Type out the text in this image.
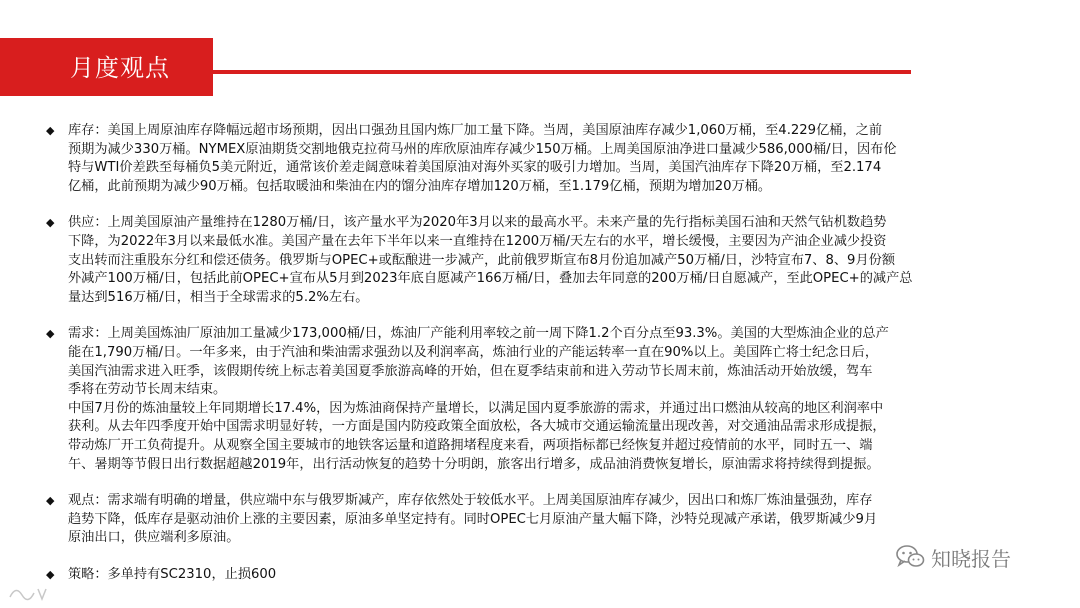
月度观点
◆ 库存：美国上周原油库存降幅远超市场预期，因出口强劲且国内炼厂加工量下降。当周，美国原油库存减少1,060万桶，至4.229亿桶，之前
预期为减少330万桶。NYMEX原油期货交割地俄克拉荷马州的库欣原油库存减少150万桶。上周美国原油净进口量减少586,000桶/日，因布伦
特与WTI价差跌至每桶负5美元附近，通常该价差走阔意味着美国原油对海外买家的吸引力增加。当周，美国汽油库存下降20万桶，至2.174
亿桶，此前预期为减少90万桶。包括取暖油和柴油在内的馏分油库存增加120万桶，至1.179亿桶，预期为增加20万桶。
◆ 供应：上周美国原油产量维持在1280万桶/日，该产量水平为2020年3月以来的最高水平。未来产量的先行指标美国石油和天然气钻机数趋势
下降，为2022年3月以来最低水准。美国产量在去年下半年以来一直维持在1200万桶/天左右的水平，增长缓慢，主要因为产油企业减少投资
支出转而注重股东分红和偿还债务。俄罗斯与OPEC+或酝酿进一步减产，此前俄罗斯宣布8月份追加减产50万桶/日，沙特宣布7、8、9月份额
外减产100万桶/日，包括此前OPEC+宣布从5月到2023年底自愿减产166万桶/日，叠加去年同意的200万桶/日自愿减产，至此OPEC+的减产总
量达到516万桶/日，相当于全球需求的5.2%左右。
◆ 需求：上周美国炼油厂原油加工量减少173,000桶/日，炼油厂产能利用率较之前一周下降1.2个百分点至93.3%。美国的大型炼油企业的总产
能在1,790万桶/日。一年多来，由于汽油和柴油需求强劲以及利润率高，炼油行业的产能运转率一直在90%以上。美国阵亡将士纪念日后，
美国汽油需求进入旺季，该假期传统上标志着美国夏季旅游高峰的开始，但在夏季结束前和进入劳动节长周末前，炼油活动开始放缓，驾车
季将在劳动节长周末结束。
中国7月份的炼油量较上年同期增长17.4%，因为炼油商保持产量增长，以满足国内夏季旅游的需求，并通过出口燃油从较高的地区利润率中
获利。从去年四季度开始中国需求明显好转，一方面是国内防疫政策全面放松，各大城市交通运输流量出现改善，对交通油品需求形成提振，
带动炼厂开工负荷提升。从观察全国主要城市的地铁客运量和道路拥堵程度来看，两项指标都已经恢复并超过疫情前的水平，同时五一、端
午、暑期等节假日出行数据超越2019年，出行活动恢复的趋势十分明朗，旅客出行增多，成品油消费恢复增长，原油需求将持续得到提振。
◆ 观点：需求端有明确的增量，供应端中东与俄罗斯减产，库存依然处于较低水平。上周美国原油库存减少，因出口和炼厂炼油量强劲，库存
趋势下降，低库存是驱动油价上涨的主要因素，原油多单坚定持有。同时OPEC七月原油产量大幅下降，沙特兑现减产承诺，俄罗斯减少9月
原油出口，供应端利多原油。
◆ 策略：多单持有SC2310，止损600
知晓报告
